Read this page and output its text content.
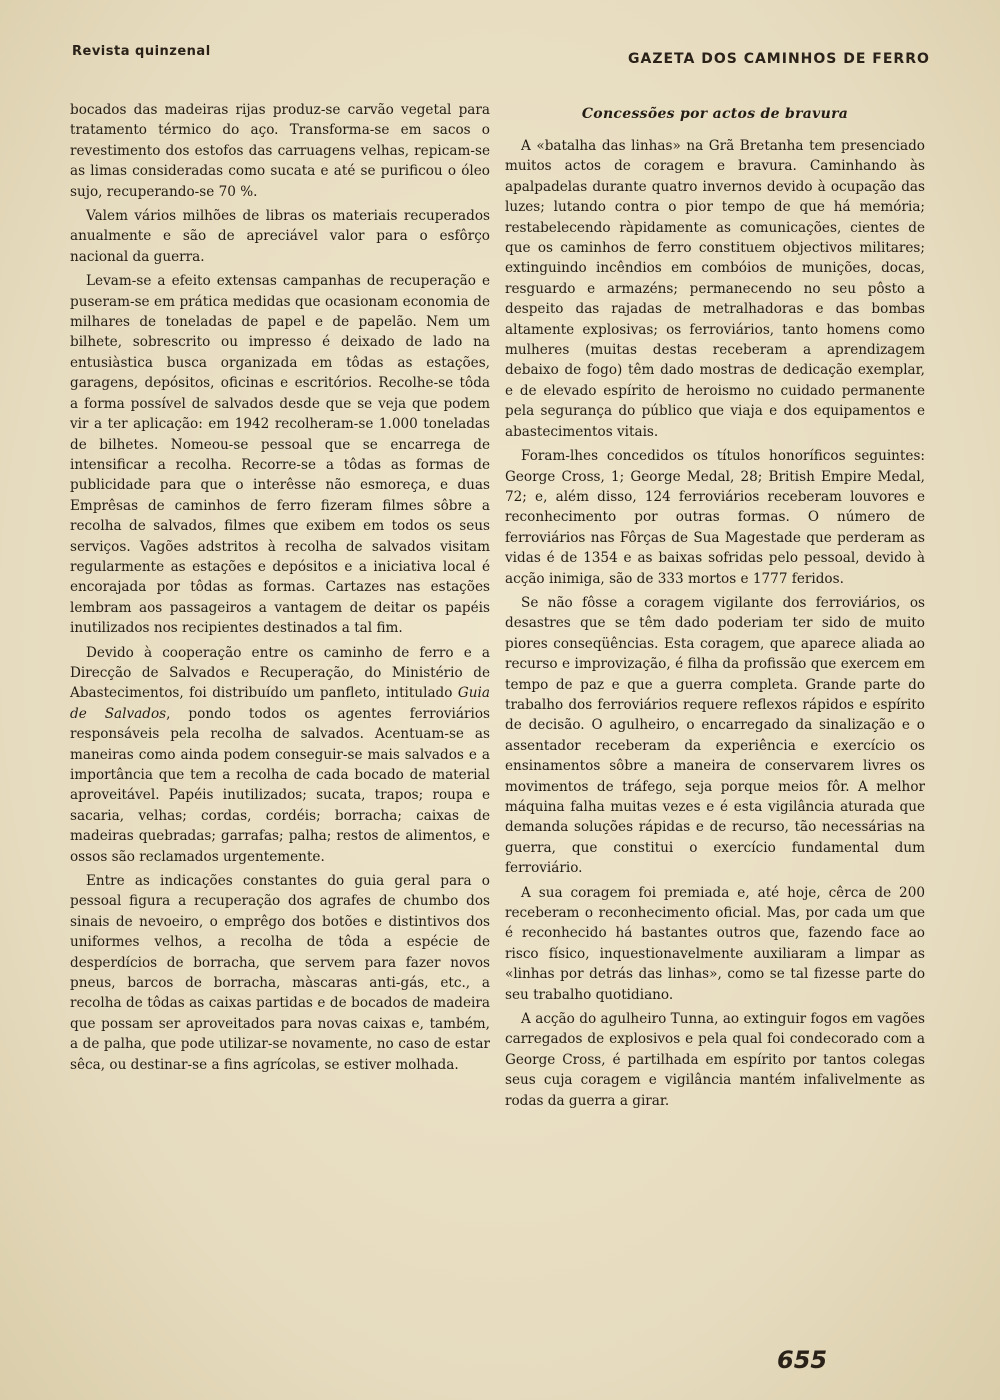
Revista quinzenal	GAZETA DOS CAMINHOS DE FERRO

bocados das madeiras rijas produz-se carvão vegetal para tratamento térmico do aço. Transforma-se em sacos o revestimento dos estofos das carruagens velhas, repicam-se as limas consideradas como sucata e até se purificou o óleo sujo, recuperando-se 70 %.

Valem vários milhões de libras os materiais recuperados anualmente e são de apreciável valor para o esfôrço nacional da guerra.

Levam-se a efeito extensas campanhas de recuperação e puseram-se em prática medidas que ocasionam economia de milhares de toneladas de papel e de papelão. Nem um bilhete, sobrescrito ou impresso é deixado de lado na entusiàstica busca organizada em tôdas as estações, garagens, depósitos, oficinas e escritórios. Recolhe-se tôda a forma possível de salvados desde que se veja que podem vir a ter aplicação: em 1942 recolheram-se 1.000 toneladas de bilhetes. Nomeou-se pessoal que se encarrega de intensificar a recolha. Recorre-se a tôdas as formas de publicidade para que o interêsse não esmoreça, e duas Emprêsas de caminhos de ferro fizeram filmes sôbre a recolha de salvados, filmes que exibem em todos os seus serviços. Vagões adstritos à recolha de salvados visitam regularmente as estações e depósitos e a iniciativa local é encorajada por tôdas as formas. Cartazes nas estações lembram aos passageiros a vantagem de deitar os papéis inutilizados nos recipientes destinados a tal fim.

Devido à cooperação entre os caminho de ferro e a Direcção de Salvados e Recuperação, do Ministério de Abastecimentos, foi distribuído um panfleto, intitulado Guia de Salvados, pondo todos os agentes ferroviários responsáveis pela recolha de salvados. Acentuam-se as maneiras como ainda podem conseguir-se mais salvados e a importância que tem a recolha de cada bocado de material aproveitável. Papéis inutilizados; sucata, trapos; roupa e sacaria, velhas; cordas, cordéis; borracha; caixas de madeiras quebradas; garrafas; palha; restos de alimentos, e ossos são reclamados urgentemente.

Entre as indicações constantes do guia geral para o pessoal figura a recuperação dos agrafes de chumbo dos sinais de nevoeiro, o emprêgo dos botões e distintivos dos uniformes velhos, a recolha de tôda a espécie de desperdícios de borracha, que servem para fazer novos pneus, barcos de borracha, màscaras anti-gás, etc., a recolha de tôdas as caixas partidas e de bocados de madeira que possam ser aproveitados para novas caixas e, também, a de palha, que pode utilizar-se novamente, no caso de estar sêca, ou destinar-se a fins agrícolas, se estiver molhada.

Concessões por actos de bravura

A «batalha das linhas» na Grã Bretanha tem presenciado muitos actos de coragem e bravura. Caminhando às apalpadelas durante quatro invernos devido à ocupação das luzes; lutando contra o pior tempo de que há memória; restabelecendo ràpidamente as comunicações, cientes de que os caminhos de ferro constituem objectivos militares; extinguindo incêndios em combóios de munições, docas, resguardo e armazéns; permanecendo no seu pôsto a despeito das rajadas de metralhadoras e das bombas altamente explosivas; os ferroviários, tanto homens como mulheres (muitas destas receberam a aprendizagem debaixo de fogo) têm dado mostras de dedicação exemplar, e de elevado espírito de heroismo no cuidado permanente pela segurança do público que viaja e dos equipamentos e abastecimentos vitais.

Foram-lhes concedidos os títulos honoríficos seguintes: George Cross, 1; George Medal, 28; British Empire Medal, 72; e, além disso, 124 ferroviários receberam louvores e reconhecimento por outras formas. O número de ferroviários nas Fôrças de Sua Magestade que perderam as vidas é de 1354 e as baixas sofridas pelo pessoal, devido à acção inimiga, são de 333 mortos e 1777 feridos.

Se não fôsse a coragem vigilante dos ferroviários, os desastres que se têm dado poderiam ter sido de muito piores conseqüências. Esta coragem, que aparece aliada ao recurso e improvização, é filha da profissão que exercem em tempo de paz e que a guerra completa. Grande parte do trabalho dos ferroviários requere reflexos rápidos e espírito de decisão. O agulheiro, o encarregado da sinalização e o assentador receberam da experiência e exercício os ensinamentos sôbre a maneira de conservarem livres os movimentos de tráfego, seja porque meios fôr. A melhor máquina falha muitas vezes e é esta vigilância aturada que demanda soluções rápidas e de recurso, tão necessárias na guerra, que constitui o exercício fundamental dum ferroviário.

A sua coragem foi premiada e, até hoje, cêrca de 200 receberam o reconhecimento oficial. Mas, por cada um que é reconhecido há bastantes outros que, fazendo face ao risco físico, inquestionavelmente auxiliaram a limpar as «linhas por detrás das linhas», como se tal fizesse parte do seu trabalho quotidiano.

A acção do agulheiro Tunna, ao extinguir fogos em vagões carregados de explosivos e pela qual foi condecorado com a George Cross, é partilhada em espírito por tantos colegas seus cuja coragem e vigilância mantém infalivelmente as rodas da guerra a girar.

655
